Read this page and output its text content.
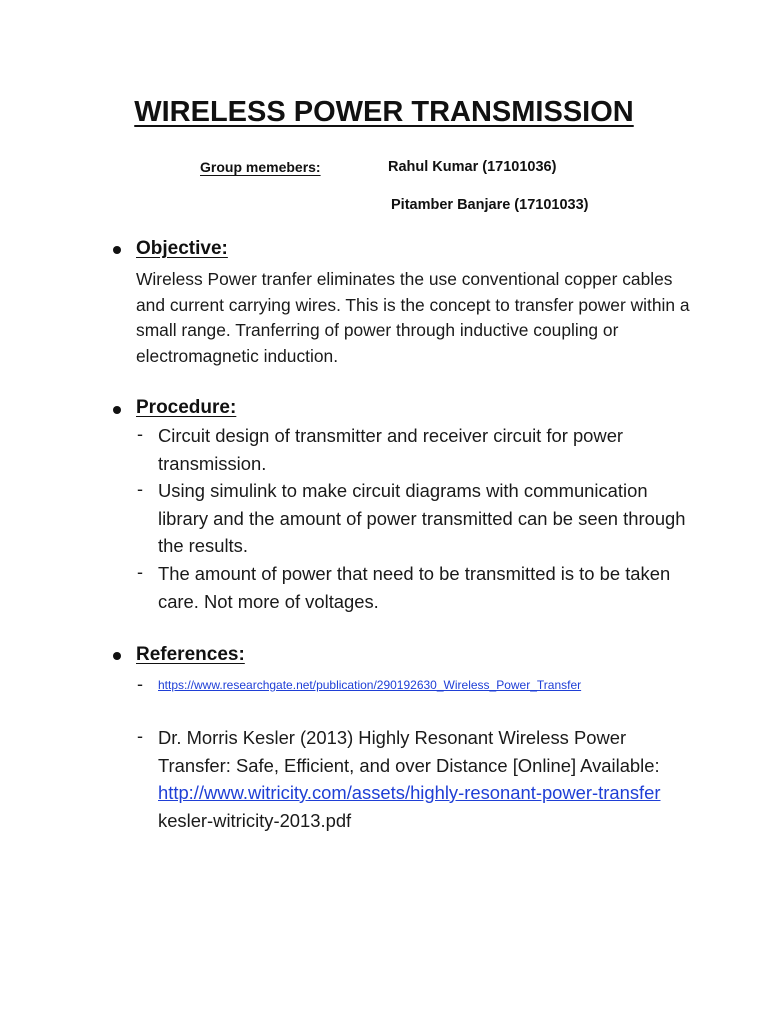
WIRELESS POWER TRANSMISSION
Group memebers:	Rahul Kumar (17101036)
Pitamber Banjare (17101033)
Objective:
Wireless Power tranfer eliminates the use conventional copper cables and current carrying wires. This is the concept to transfer power within a small range. Tranferring of power through inductive coupling or electromagnetic induction.
Procedure:
- Circuit design of transmitter and receiver circuit for power transmission.
- Using simulink to make circuit diagrams with communication library and the amount of power transmitted can be seen through the results.
- The amount of power that need to be transmitted is to be taken care. Not more of voltages.
References:
- https://www.researchgate.net/publication/290192630_Wireless_Power_Transfer
- Dr. Morris Kesler (2013) Highly Resonant Wireless Power Transfer: Safe, Efficient, and over Distance [Online] Available: http://www.witricity.com/assets/highly-resonant-power-transfer kesler-witricity-2013.pdf
